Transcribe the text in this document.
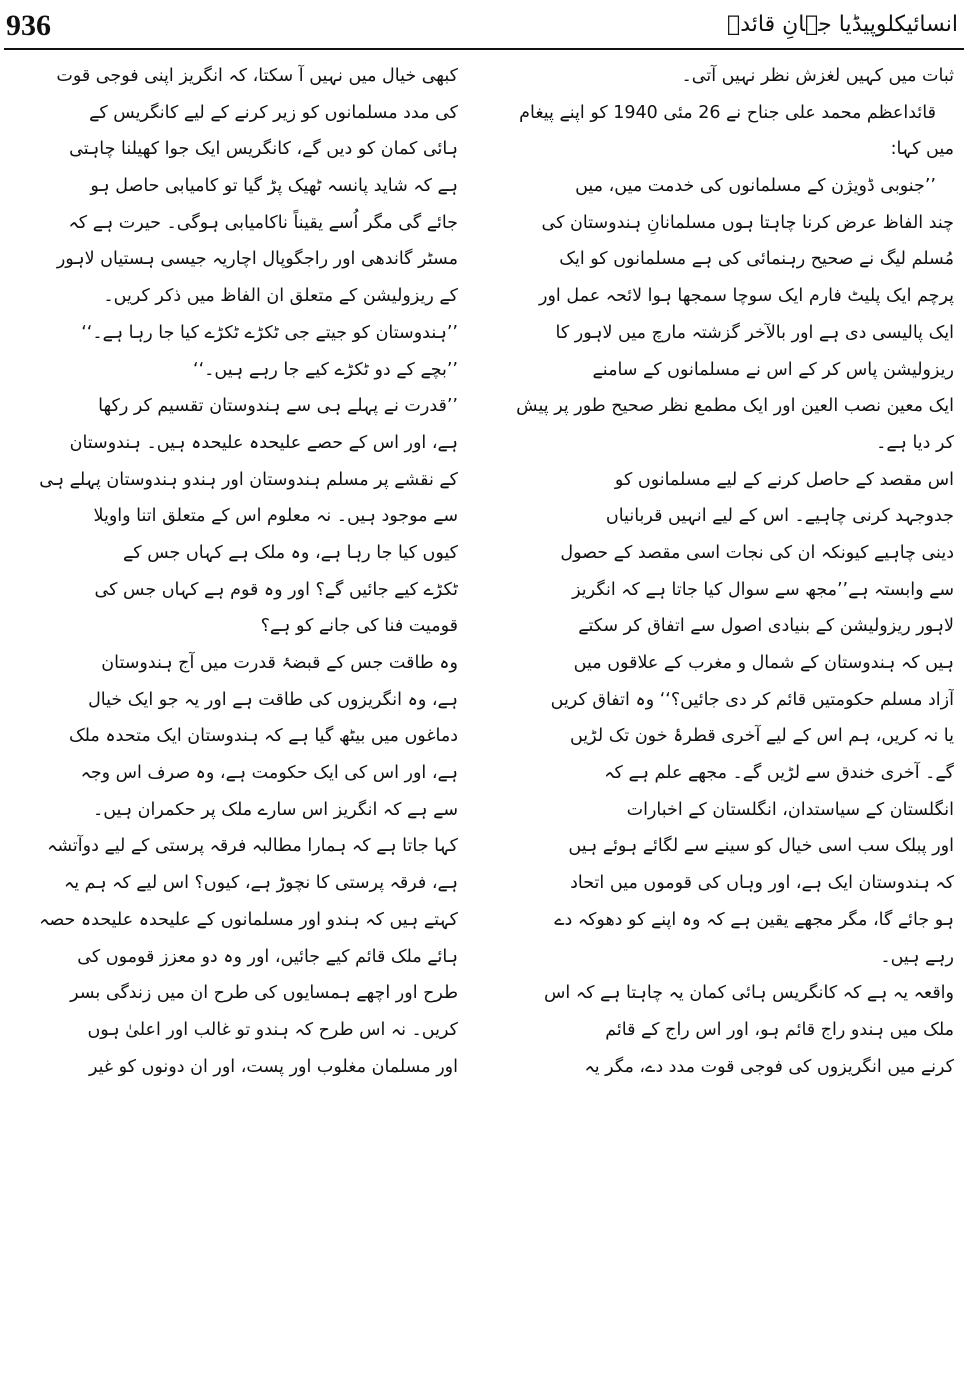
936	انسائیکلوپیڈیا جہانِ قائدؒ
ثبات میں کہیں لغزش نظر نہیں آتی۔
قائداعظم محمد علی جناح نے 26 مئی 1940 کو اپنے پیغام
میں کہا:
’’جنوبی ڈویژن کے مسلمانوں کی خدمت میں، میں
چند الفاظ عرض کرنا چاہتا ہوں مسلمانانِ ہندوستان کی
مُسلم لیگ نے صحیح رہنمائی کی ہے مسلمانوں کو ایک
پرچم ایک پلیٹ فارم ایک سوچا سمجھا ہوا لائحہ عمل اور
ایک پالیسی دی ہے اور بالآخر گزشتہ مارچ میں لاہور کا
ریزولیشن پاس کر کے اس نے مسلمانوں کے سامنے
ایک معین نصب العین اور ایک مطمع نظر صحیح طور پر پیش
کر دیا ہے۔
اس مقصد کے حاصل کرنے کے لیے مسلمانوں کو
جدوجہد کرنی چاہیے۔ اس کے لیے انہیں قربانیاں
دینی چاہیے کیونکہ ان کی نجات اسی مقصد کے حصول
سے وابستہ ہے’’مجھ سے سوال کیا جاتا ہے کہ انگریز
لاہور ریزولیشن کے بنیادی اصول سے اتفاق کر سکتے
ہیں کہ ہندوستان کے شمال و مغرب کے علاقوں میں
آزاد مسلم حکومتیں قائم کر دی جائیں؟‘‘ وہ اتفاق کریں
یا نہ کریں، ہم اس کے لیے آخری قطرۂ خون تک لڑیں
گے۔ آخری خندق سے لڑیں گے۔ مجھے علم ہے کہ
انگلستان کے سیاستدان، انگلستان کے اخبارات
اور پبلک سب اسی خیال کو سینے سے لگائے ہوئے ہیں
کہ ہندوستان ایک ہے، اور وہاں کی قوموں میں اتحاد
ہو جائے گا، مگر مجھے یقین ہے کہ وہ اپنے کو دھوکہ دے
رہے ہیں۔
واقعہ یہ ہے کہ کانگریس ہائی کمان یہ چاہتا ہے کہ اس
ملک میں ہندو راج قائم ہو، اور اس راج کے قائم
کرنے میں انگریزوں کی فوجی قوت مدد دے، مگر یہ
کبھی خیال میں نہیں آ سکتا، کہ انگریز اپنی فوجی قوت
کی مدد مسلمانوں کو زیر کرنے کے لیے کانگریس کے
ہائی کمان کو دیں گے، کانگریس ایک جوا کھیلنا چاہتی
ہے کہ شاید پانسہ ٹھیک پڑ گیا تو کامیابی حاصل ہو
جائے گی مگر اُسے یقیناً ناکامیابی ہوگی۔ حیرت ہے کہ
مسٹر گاندھی اور راجگوپال اچاریہ جیسی ہستیاں لاہور
کے ریزولیشن کے متعلق ان الفاظ میں ذکر کریں۔
’’ہندوستان کو جیتے جی ٹکڑے ٹکڑے کیا جا رہا ہے۔‘‘
’’بچے کے دو ٹکڑے کیے جا رہے ہیں۔‘‘
’’قدرت نے پہلے ہی سے ہندوستان تقسیم کر رکھا
ہے، اور اس کے حصے علیحدہ علیحدہ ہیں۔ ہندوستان
کے نقشے پر مسلم ہندوستان اور ہندو ہندوستان پہلے ہی
سے موجود ہیں۔ نہ معلوم اس کے متعلق اتنا واویلا
کیوں کیا جا رہا ہے، وہ ملک ہے کہاں جس کے
ٹکڑے کیے جائیں گے؟ اور وہ قوم ہے کہاں جس کی
قومیت فنا کی جانے کو ہے؟
وہ طاقت جس کے قبضۂ قدرت میں آج ہندوستان
ہے، وہ انگریزوں کی طاقت ہے اور یہ جو ایک خیال
دماغوں میں بیٹھ گیا ہے کہ ہندوستان ایک متحدہ ملک
ہے، اور اس کی ایک حکومت ہے، وہ صرف اس وجہ
سے ہے کہ انگریز اس سارے ملک پر حکمران ہیں۔
کہا جاتا ہے کہ ہمارا مطالبہ فرقہ پرستی کے لیے دوآتشہ
ہے، فرقہ پرستی کا نچوڑ ہے، کیوں؟ اس لیے کہ ہم یہ
کہتے ہیں کہ ہندو اور مسلمانوں کے علیحدہ علیحدہ حصہ
ہائے ملک قائم کیے جائیں، اور وہ دو معزز قوموں کی
طرح اور اچھے ہمسایوں کی طرح ان میں زندگی بسر
کریں۔ نہ اس طرح کہ ہندو تو غالب اور اعلیٰ ہوں
اور مسلمان مغلوب اور پست، اور ان دونوں کو غیر
